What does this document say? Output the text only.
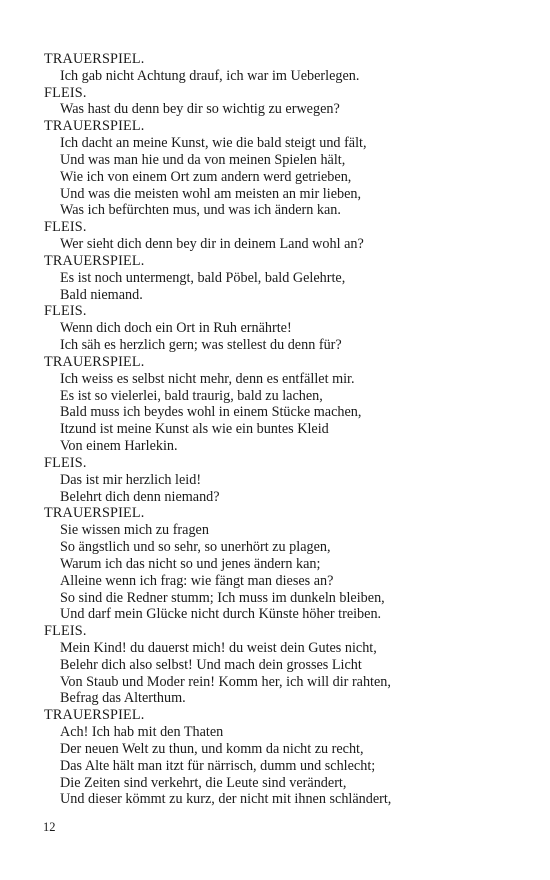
TRAUERSPIEL.
Ich gab nicht Achtung drauf, ich war im Ueberlegen.
FLEIS.
Was hast du denn bey dir so wichtig zu erwegen?
TRAUERSPIEL.
Ich dacht an meine Kunst, wie die bald steigt und fält,
Und was man hie und da von meinen Spielen hält,
Wie ich von einem Ort zum andern werd getrieben,
Und was die meisten wohl am meisten an mir lieben,
Was ich befürchten mus, und was ich ändern kan.
FLEIS.
Wer sieht dich denn bey dir in deinem Land wohl an?
TRAUERSPIEL.
Es ist noch untermengt, bald Pöbel, bald Gelehrte,
Bald niemand.
FLEIS.
Wenn dich doch ein Ort in Ruh ernährte!
Ich säh es herzlich gern; was stellest du denn für?
TRAUERSPIEL.
Ich weiss es selbst nicht mehr, denn es entfället mir.
Es ist so vielerlei, bald traurig, bald zu lachen,
Bald muss ich beydes wohl in einem Stücke machen,
Itzund ist meine Kunst als wie ein buntes Kleid
Von einem Harlekin.
FLEIS.
Das ist mir herzlich leid!
Belehrt dich denn niemand?
TRAUERSPIEL.
Sie wissen mich zu fragen
So ängstlich und so sehr, so unerhört zu plagen,
Warum ich das nicht so und jenes ändern kan;
Alleine wenn ich frag: wie fängt man dieses an?
So sind die Redner stumm; Ich muss im dunkeln bleiben,
Und darf mein Glücke nicht durch Künste höher treiben.
FLEIS.
Mein Kind! du dauerst mich! du weist dein Gutes nicht,
Belehr dich also selbst! Und mach dein grosses Licht
Von Staub und Moder rein! Komm her, ich will dir rahten,
Befrag das Alterthum.
TRAUERSPIEL.
Ach! Ich hab mit den Thaten
Der neuen Welt zu thun, und komm da nicht zu recht,
Das Alte hält man itzt für närrisch, dumm und schlecht;
Die Zeiten sind verkehrt, die Leute sind verändert,
Und dieser kömmt zu kurz, der nicht mit ihnen schländert,
12
